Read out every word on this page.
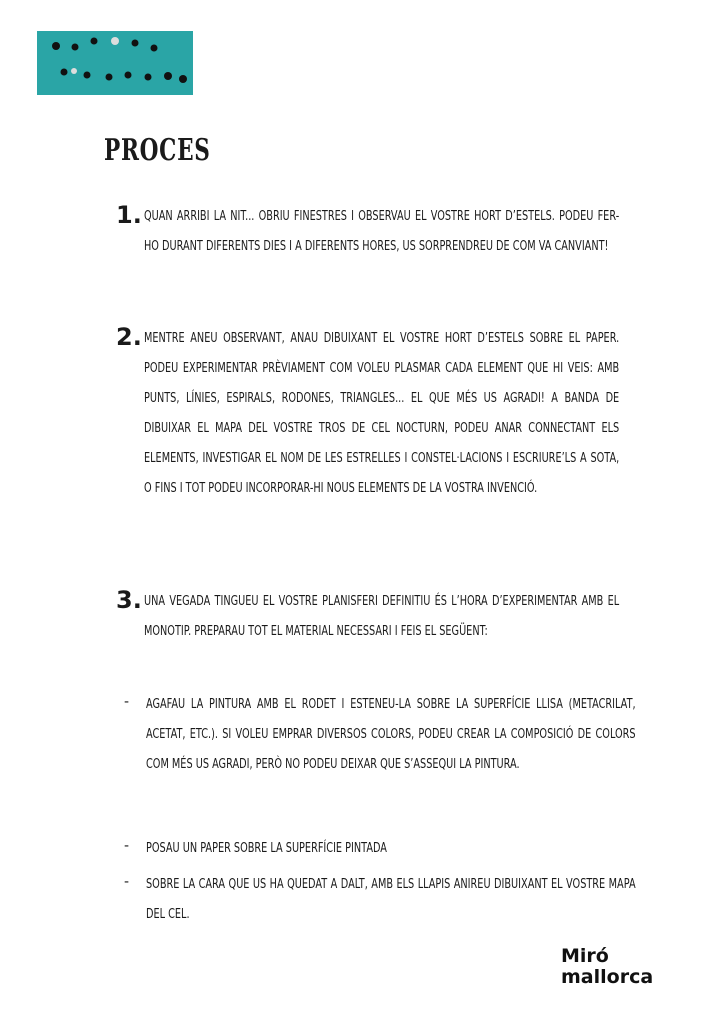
PROCES
1. QUAN ARRIBI LA NIT... OBRIU FINESTRES I OBSERVAU EL VOSTRE HORT D’ESTELS. PODEU FER-HO DURANT DIFERENTS DIES I A DIFERENTS HORES, US SORPRENDREU DE COM VA CANVIANT!
2. MENTRE ANEU OBSERVANT, ANAU DIBUIXANT EL VOSTRE HORT D’ESTELS SOBRE EL PAPER. PODEU EXPERIMENTAR PRÈVIAMENT COM VOLEU PLASMAR CADA ELEMENT QUE HI VEIS: AMB PUNTS, LÍNIES, ESPIRALS, RODONES, TRIANGLES... EL QUE MÉS US AGRADI! A BANDA DE DIBUIXAR EL MAPA DEL VOSTRE TROS DE CEL NOCTURN, PODEU ANAR CONNECTANT ELS ELEMENTS, INVESTIGAR EL NOM DE LES ESTRELLES I CONSTEL·LACIONS I ESCRIURE’LS A SOTA, O FINS I TOT PODEU INCORPORAR-HI NOUS ELEMENTS DE LA VOSTRA INVENCIÓ.
3. UNA VEGADA TINGUEU EL VOSTRE PLANISFERI DEFINITIU ÉS L’HORA D’EXPERIMENTAR AMB EL MONOTIP. PREPARAU TOT EL MATERIAL NECESSARI I FEIS EL SEGÜENT:
- AGAFAU LA PINTURA AMB EL RODET I ESTENEU-LA SOBRE LA SUPERFÍCIE LLISA (METACRILAT, ACETAT, ETC.). SI VOLEU EMPRAR DIVERSOS COLORS, PODEU CREAR LA COMPOSICIÓ DE COLORS COM MÉS US AGRADI, PERÒ NO PODEU DEIXAR QUE S’ASSEQUI LA PINTURA.
- POSAU UN PAPER SOBRE LA SUPERFÍCIE PINTADA
- SOBRE LA CARA QUE US HA QUEDAT A DALT, AMB ELS LLAPIS ANIREU DIBUIXANT EL VOSTRE MAPA DEL CEL.
Miró
mallorca
